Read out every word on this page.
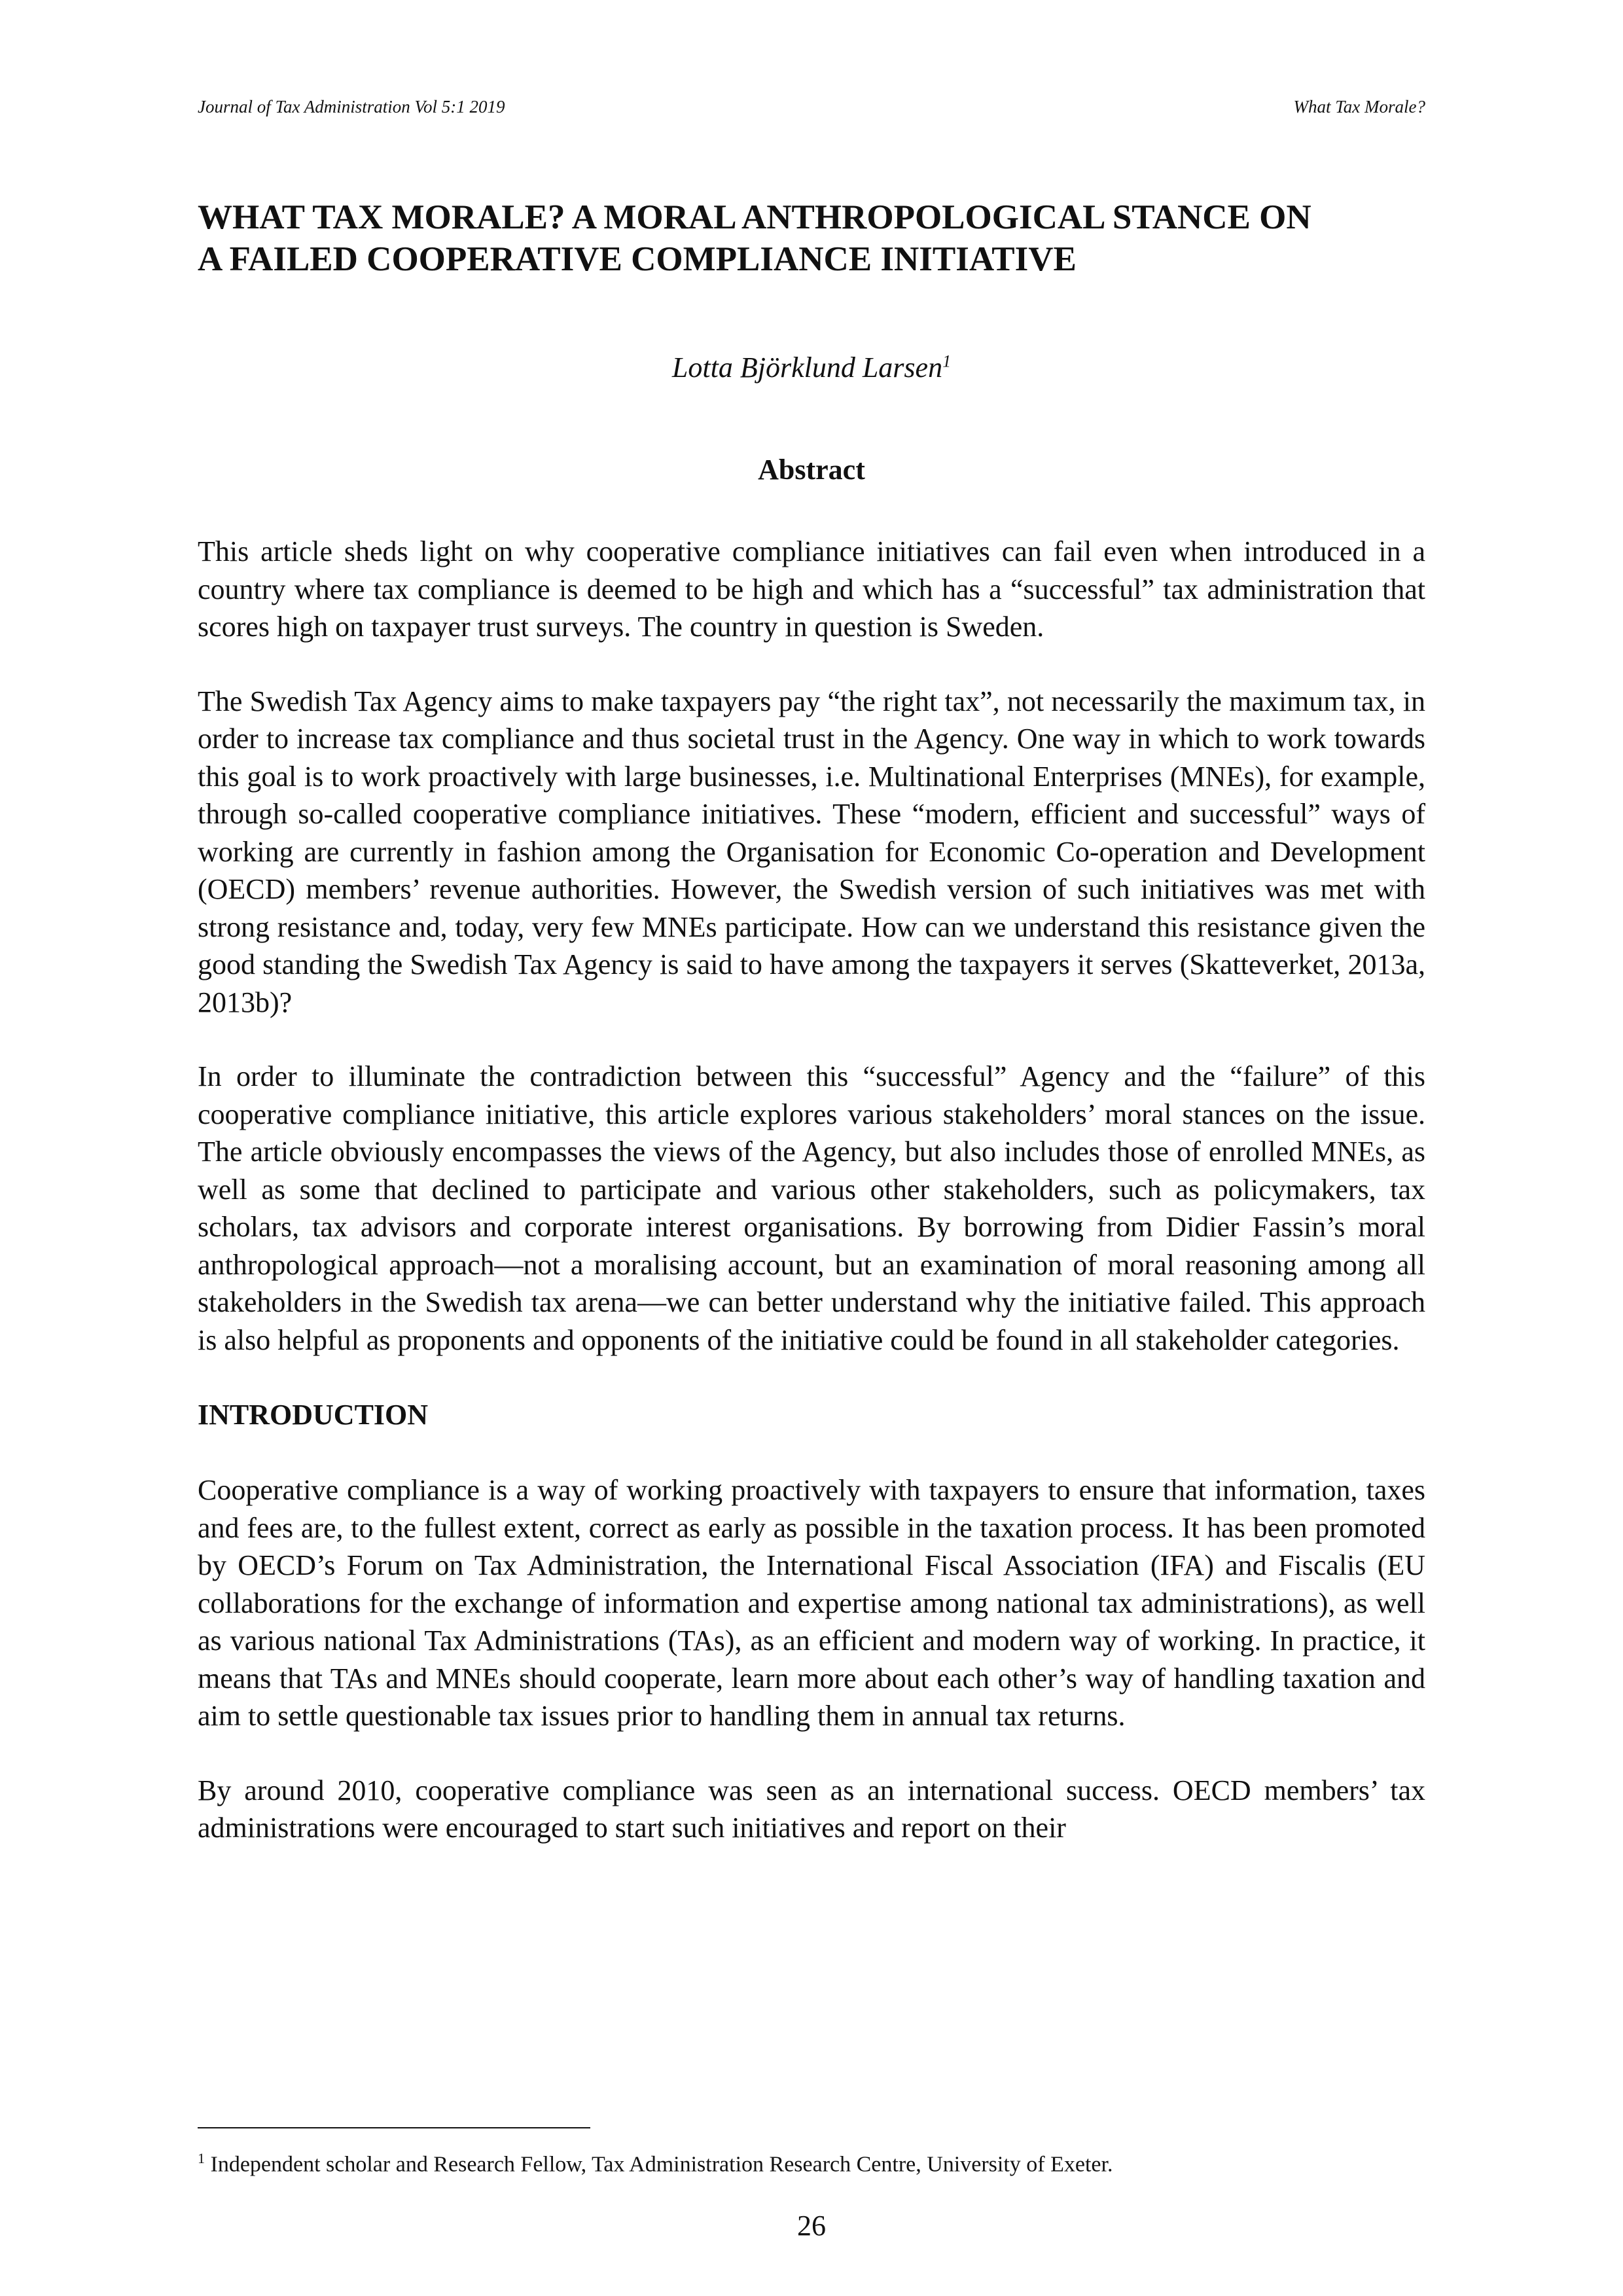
Journal of Tax Administration Vol 5:1 2019	What Tax Morale?
WHAT TAX MORALE? A MORAL ANTHROPOLOGICAL STANCE ON
A FAILED COOPERATIVE COMPLIANCE INITIATIVE
Lotta Björklund Larsen$^1$
Abstract

This article sheds light on why cooperative compliance initiatives can fail even when introduced in a country where tax compliance is deemed to be high and which has a “successful” tax administration that scores high on taxpayer trust surveys. The country in question is Sweden.

The Swedish Tax Agency aims to make taxpayers pay “the right tax”, not necessarily the maximum tax, in order to increase tax compliance and thus societal trust in the Agency. One way in which to work towards this goal is to work proactively with large businesses, i.e. Multinational Enterprises (MNEs), for example, through so-called cooperative compliance initiatives. These “modern, efficient and successful” ways of working are currently in fashion among the Organisation for Economic Co-operation and Development (OECD) members’ revenue authorities. However, the Swedish version of such initiatives was met with strong resistance and, today, very few MNEs participate. How can we understand this resistance given the good standing the Swedish Tax Agency is said to have among the taxpayers it serves (Skatteverket, 2013a, 2013b)?

In order to illuminate the contradiction between this “successful” Agency and the “failure” of this cooperative compliance initiative, this article explores various stakeholders’ moral stances on the issue. The article obviously encompasses the views of the Agency, but also includes those of enrolled MNEs, as well as some that declined to participate and various other stakeholders, such as policymakers, tax scholars, tax advisors and corporate interest organisations. By borrowing from Didier Fassin’s moral anthropological approach—not a moralising account, but an examination of moral reasoning among all stakeholders in the Swedish tax arena—we can better understand why the initiative failed. This approach is also helpful as proponents and opponents of the initiative could be found in all stakeholder categories.

INTRODUCTION

Cooperative compliance is a way of working proactively with taxpayers to ensure that information, taxes and fees are, to the fullest extent, correct as early as possible in the taxation process. It has been promoted by OECD’s Forum on Tax Administration, the International Fiscal Association (IFA) and Fiscalis (EU collaborations for the exchange of information and expertise among national tax administrations), as well as various national Tax Administrations (TAs), as an efficient and modern way of working. In practice, it means that TAs and MNEs should cooperate, learn more about each other’s way of handling taxation and aim to settle questionable tax issues prior to handling them in annual tax returns.

By around 2010, cooperative compliance was seen as an international success. OECD members’ tax administrations were encouraged to start such initiatives and report on their

$^1$ Independent scholar and Research Fellow, Tax Administration Research Centre, University of Exeter.
26
